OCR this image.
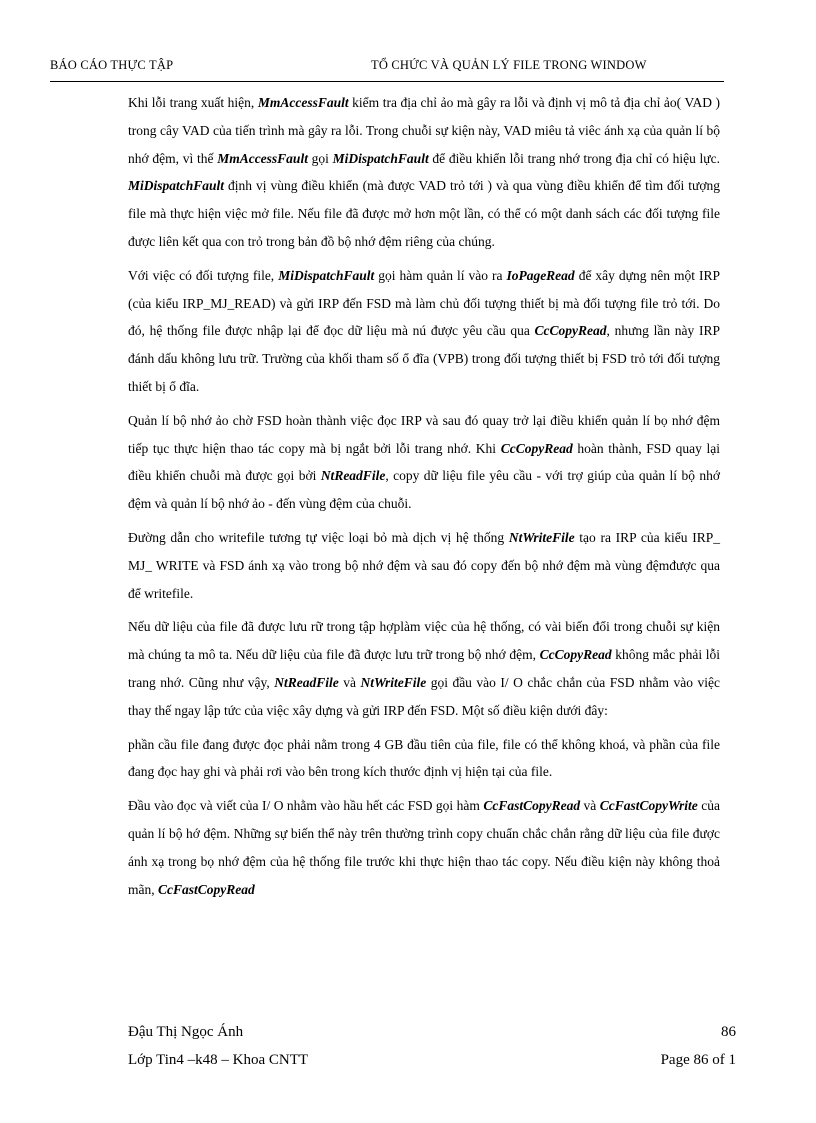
BÁO CÁO THỰC TẬP	TỔ CHỨC VÀ QUẢN LÝ FILE TRONG WINDOW

Khi lỗi trang xuất hiện, MmAccessFault kiểm tra địa chỉ ảo mà gây ra lỗi và định vị mô tả địa chỉ ảo( VAD ) trong cây VAD của tiến trình mà gây ra lỗi. Trong chuỗi sự kiện này, VAD miêu tả viêc ánh xạ của quản lí bộ nhớ đệm, vì thế MmAccessFault gọi MiDispatchFault để điều khiển lỗi trang nhớ trong địa chỉ có hiệu lực. MiDispatchFault định vị vùng điều khiển (mà được VAD trỏ tới ) và qua vùng điều khiển để tìm đối tượng file mà thực hiện việc mở file. Nếu file đã được mở hơn một lần, có thể có một danh sách các đối tượng file được liên kết qua con trỏ trong bản đồ bộ nhớ đệm riêng của chúng.

Với việc có đối tượng file, MiDispatchFault gọi hàm quản lí vào ra IoPageRead để xây dựng nên một IRP (của kiểu IRP_MJ_READ) và gửi IRP đến FSD mà làm chủ đối tượng thiết bị mà đối tượng file trỏ tới. Do đó, hệ thống file được nhập lại để đọc dữ liệu mà nú được yêu cầu qua CcCopyRead, nhưng lần này IRP đánh dấu không lưu trữ. Trường của khối tham số ổ đĩa (VPB) trong đối tượng thiết bị FSD trỏ tới đối tượng thiết bị ổ đĩa.

Quản lí bộ nhớ ảo chờ FSD hoàn thành việc đọc IRP và sau đó quay trở lại điều khiển quản lí bọ nhớ đệm tiếp tục thực hiện thao tác copy mà bị ngắt bởi lỗi trang nhớ. Khi CcCopyRead hoàn thành, FSD quay lại điều khiển chuỗi mà được gọi bởi NtReadFile, copy dữ liệu file yêu cầu - với trợ giúp của quản lí bộ nhớ đệm và quản lí bộ nhớ ảo - đến vùng đệm của chuỗi.

Đường dẫn cho writefile tương tự việc loại bỏ mà dịch vị hệ thống NtWriteFile tạo ra IRP của kiểu IRP_ MJ_ WRITE và FSD ánh xạ vào trong bộ nhớ đệm và sau đó copy đến bộ nhớ đệm mà vùng đệmđược qua để writefile.

Nếu dữ liệu của file đã được lưu rữ trong tập hợplàm việc của hệ thống, có vài biến đổi trong chuỗi sự kiện mà chúng ta mô ta. Nếu dữ liệu của file đã được lưu trữ trong bộ nhớ đệm, CcCopyRead không mắc phải lỗi trang nhớ. Cũng như vậy, NtReadFile và NtWriteFile gọi đầu vào I/ O chắc chắn của FSD nhằm vào việc thay thế ngay lập tức của việc xây dựng và gửi IRP đến FSD. Một số điều kiện dưới đây:

phần cầu file đang được đọc phải nằm trong 4 GB đầu tiên của file, file có thể không khoá, và phần của file đang đọc hay ghi và phải rơi vào bên trong kích thước định vị hiện tại của file.

Đầu vào đọc và viết của I/ O nhằm vào hầu hết các FSD gọi hàm CcFastCopyRead và CcFastCopyWrite của quản lí bộ hớ đệm. Những sự biến thể này trên thường trình copy chuẩn chắc chắn rằng dữ liệu của file được ánh xạ trong bọ nhớ đệm của hệ thống file trước khi thực hiện thao tác copy. Nếu điều kiện này không thoả mãn, CcFastCopyRead

Đậu Thị Ngọc Ánh	86
Lớp Tin4 –k48 – Khoa CNTT	Page 86 of 1
